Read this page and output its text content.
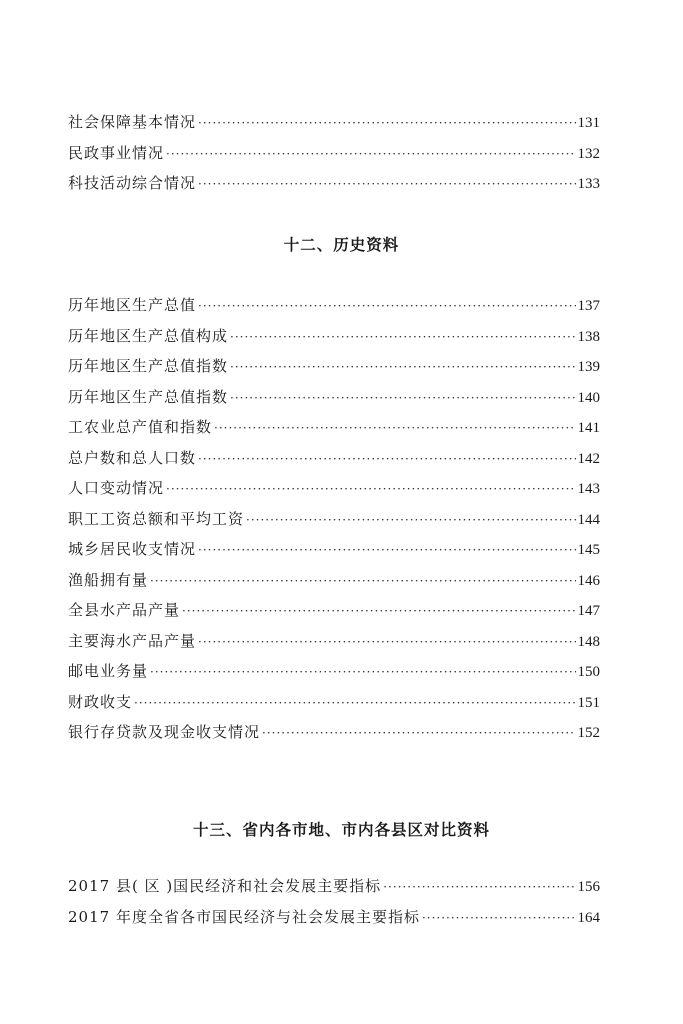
社会保障基本情况 ·····	131
民政事业情况 ·····	132
科技活动综合情况 ·····	133
十二、历史资料
历年地区生产总值 ·····	137
历年地区生产总值构成 ·····	138
历年地区生产总值指数 ·····	139
历年地区生产总值指数 ·····	140
工农业总产值和指数 ·····	141
总户数和总人口数 ·····	142
人口变动情况 ·····	143
职工工资总额和平均工资 ·····	144
城乡居民收支情况 ·····	145
渔船拥有量 ·····	146
全县水产品产量 ·····	147
主要海水产品产量 ·····	148
邮电业务量 ·····	150
财政收支 ·····	151
银行存贷款及现金收支情况 ·····	152
十三、省内各市地、市内各县区对比资料
2017 县( 区 )国民经济和社会发展主要指标 ·····	156
2017 年度全省各市国民经济与社会发展主要指标 ·····	164
